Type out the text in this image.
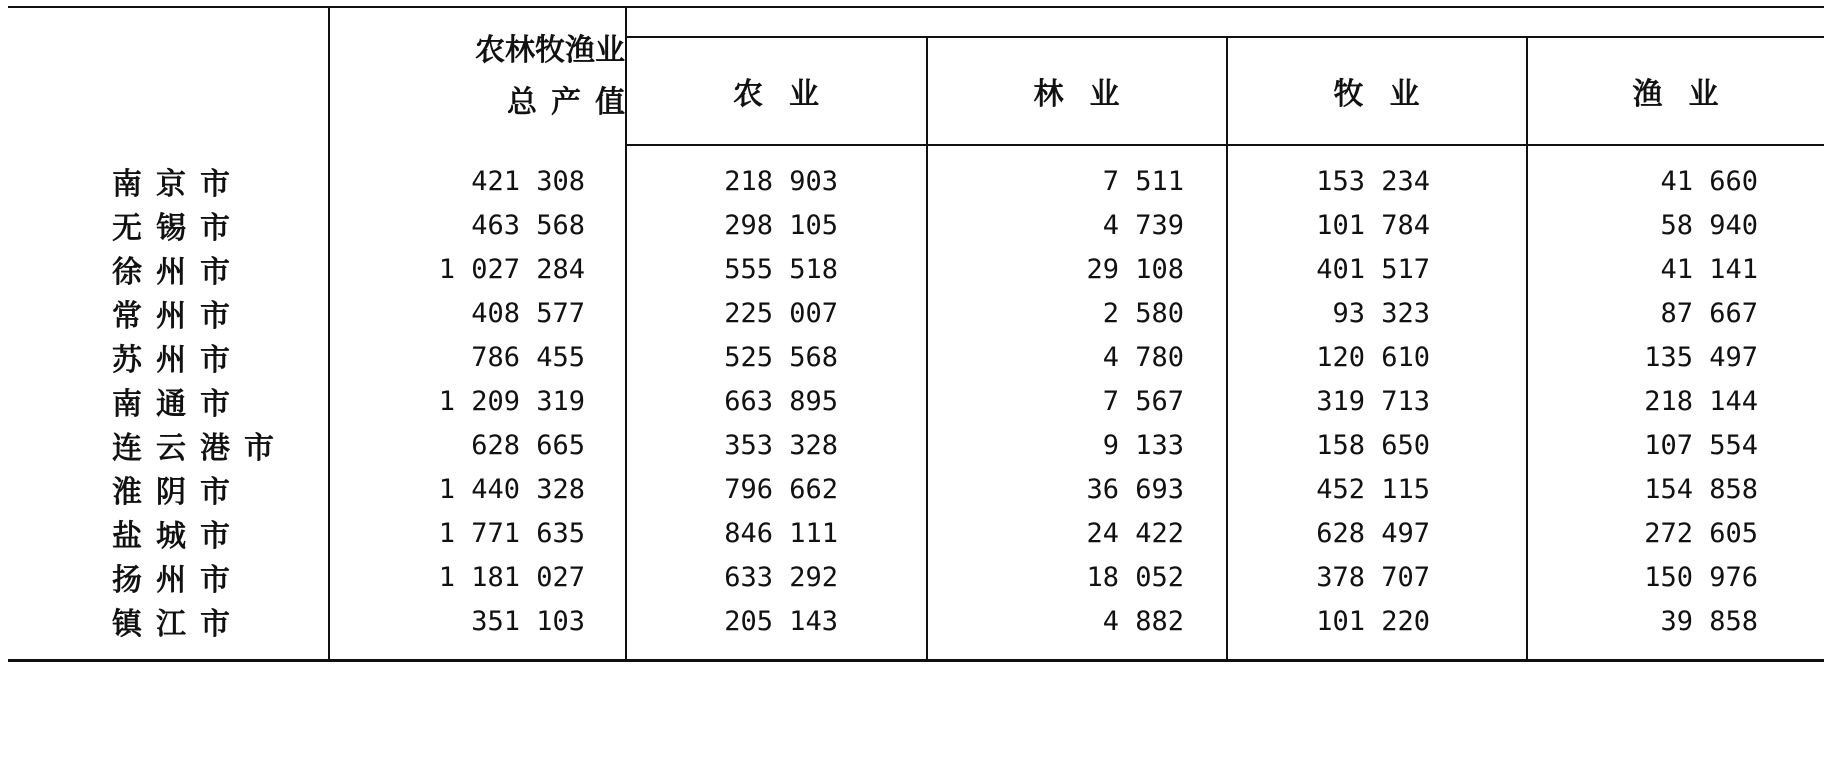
	农林牧渔业
总产值				

		农业	林业	牧业	渔业
南京市	421 308	218 903	7 511	153 234	41 660
无锡市	463 568	298 105	4 739	101 784	58 940
徐州市	1 027 284	555 518	29 108	401 517	41 141
常州市	408 577	225 007	2 580	93 323	87 667
苏州市	786 455	525 568	4 780	120 610	135 497
南通市	1 209 319	663 895	7 567	319 713	218 144
连云港市	628 665	353 328	9 133	158 650	107 554
淮阴市	1 440 328	796 662	36 693	452 115	154 858
盐城市	1 771 635	846 111	24 422	628 497	272 605
扬州市	1 181 027	633 292	18 052	378 707	150 976
镇江市	351 103	205 143	4 882	101 220	39 858
